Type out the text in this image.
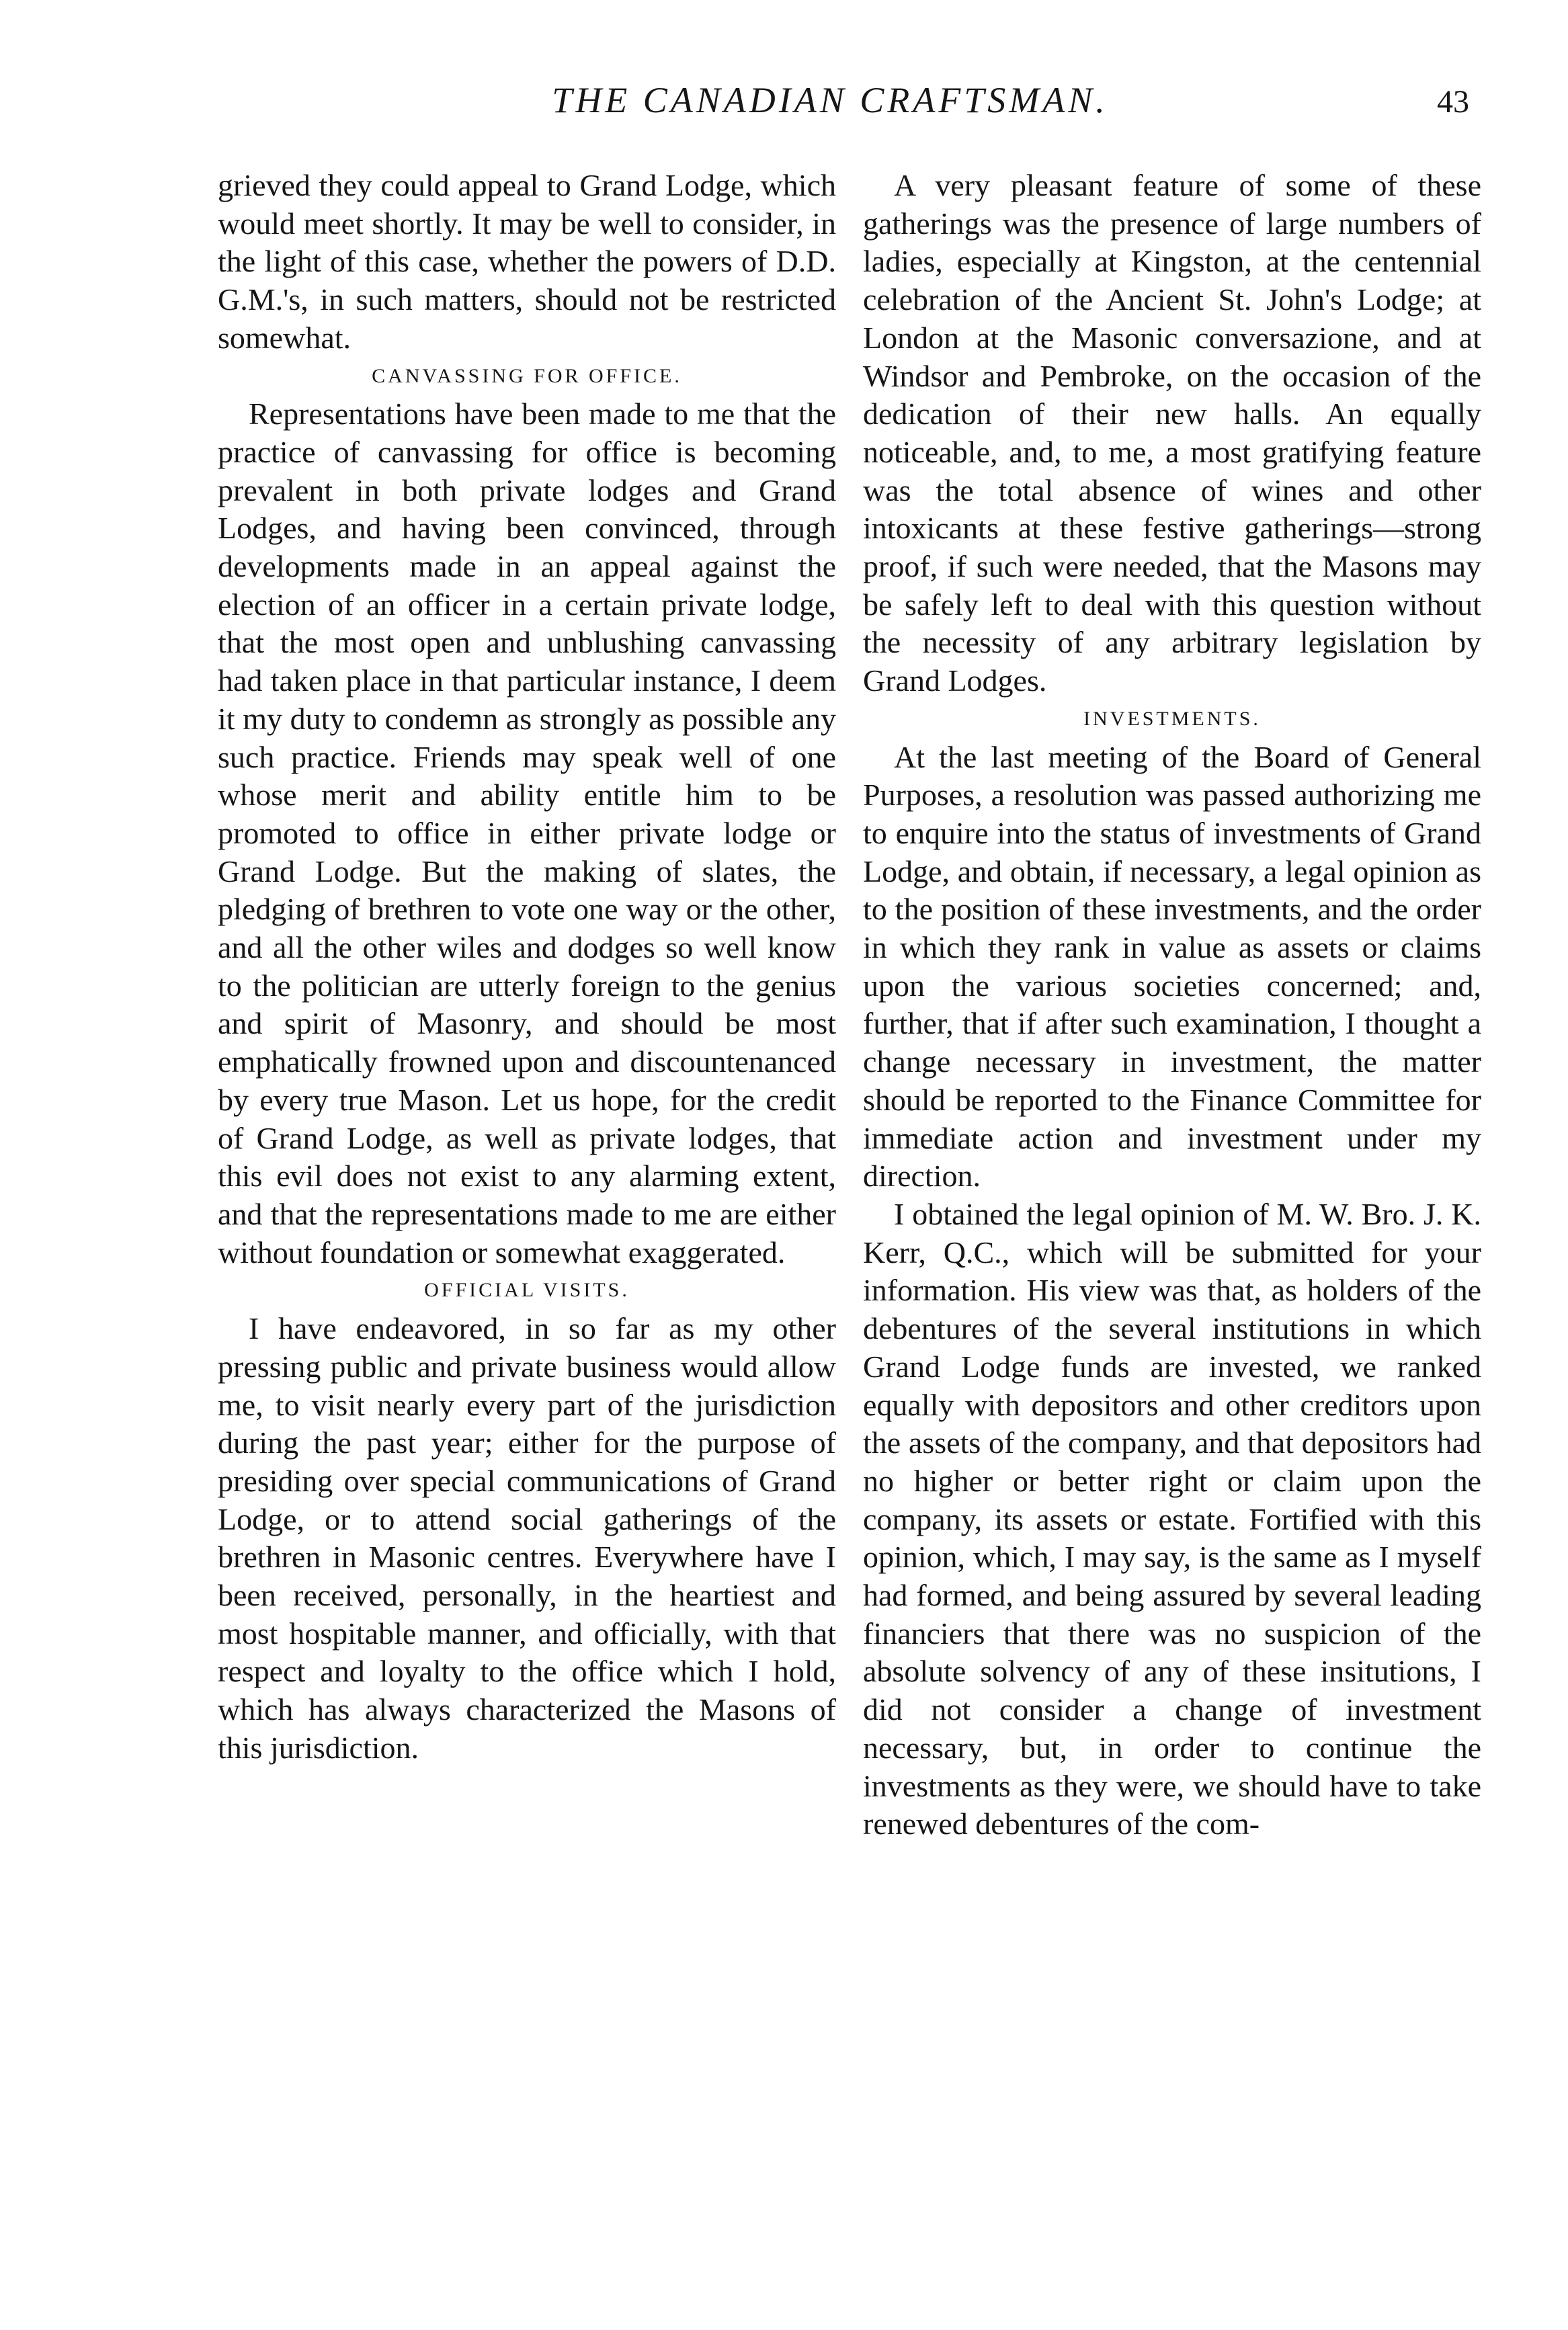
THE CANADIAN CRAFTSMAN.	43

grieved they could appeal to Grand Lodge, which would meet shortly. It may be well to consider, in the light of this case, whether the powers of D.D. G.M.'s, in such matters, should not be restricted somewhat.

CANVASSING FOR OFFICE.

Representations have been made to me that the practice of canvassing for office is becoming prevalent in both private lodges and Grand Lodges, and having been convinced, through developments made in an appeal against the election of an officer in a certain private lodge, that the most open and unblushing canvassing had taken place in that particular instance, I deem it my duty to condemn as strongly as possible any such practice. Friends may speak well of one whose merit and ability entitle him to be promoted to office in either private lodge or Grand Lodge. But the making of slates, the pledging of brethren to vote one way or the other, and all the other wiles and dodges so well know to the politician are utterly foreign to the genius and spirit of Masonry, and should be most emphatically frowned upon and discountenanced by every true Mason. Let us hope, for the credit of Grand Lodge, as well as private lodges, that this evil does not exist to any alarming extent, and that the representations made to me are either without foundation or somewhat exaggerated.

OFFICIAL VISITS.

I have endeavored, in so far as my other pressing public and private business would allow me, to visit nearly every part of the jurisdiction during the past year; either for the purpose of presiding over special communications of Grand Lodge, or to attend social gatherings of the brethren in Masonic centres. Everywhere have I been received, personally, in the heartiest and most hospitable manner, and officially, with that respect and loyalty to the office which I hold, which has always characterized the Masons of this jurisdiction.

A very pleasant feature of some of these gatherings was the presence of large numbers of ladies, especially at Kingston, at the centennial celebration of the Ancient St. John's Lodge; at London at the Masonic conversazione, and at Windsor and Pembroke, on the occasion of the dedication of their new halls. An equally noticeable, and, to me, a most gratifying feature was the total absence of wines and other intoxicants at these festive gatherings—strong proof, if such were needed, that the Masons may be safely left to deal with this question without the necessity of any arbitrary legislation by Grand Lodges.

INVESTMENTS.

At the last meeting of the Board of General Purposes, a resolution was passed authorizing me to enquire into the status of investments of Grand Lodge, and obtain, if necessary, a legal opinion as to the position of these investments, and the order in which they rank in value as assets or claims upon the various societies concerned; and, further, that if after such examination, I thought a change necessary in investment, the matter should be reported to the Finance Committee for immediate action and investment under my direction.

I obtained the legal opinion of M. W. Bro. J. K. Kerr, Q.C., which will be submitted for your information. His view was that, as holders of the debentures of the several institutions in which Grand Lodge funds are invested, we ranked equally with depositors and other creditors upon the assets of the company, and that depositors had no higher or better right or claim upon the company, its assets or estate. Fortified with this opinion, which, I may say, is the same as I myself had formed, and being assured by several leading financiers that there was no suspicion of the absolute solvency of any of these insitutions, I did not consider a change of investment necessary, but, in order to continue the investments as they were, we should have to take renewed debentures of the com-
